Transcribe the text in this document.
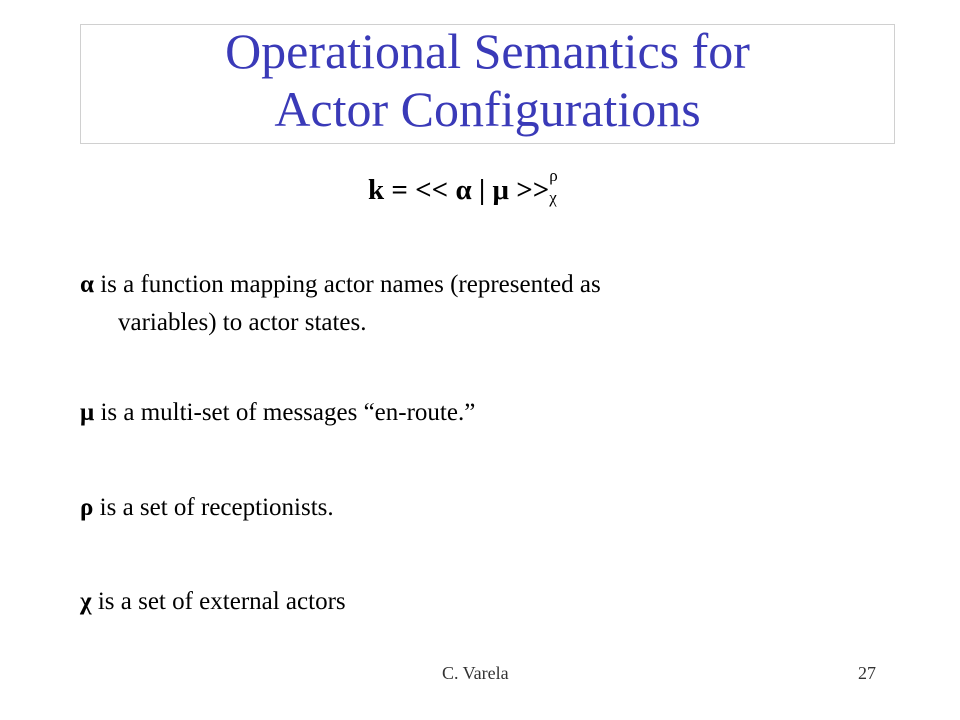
Operational Semantics for
Actor Configurations
k = << α | μ >> ρ
χ

α is a function mapping actor names (represented as
variables) to actor states.

μ is a multi-set of messages “en-route.”

ρ is a set of receptionists.

χ is a set of external actors

C. Varela	27
